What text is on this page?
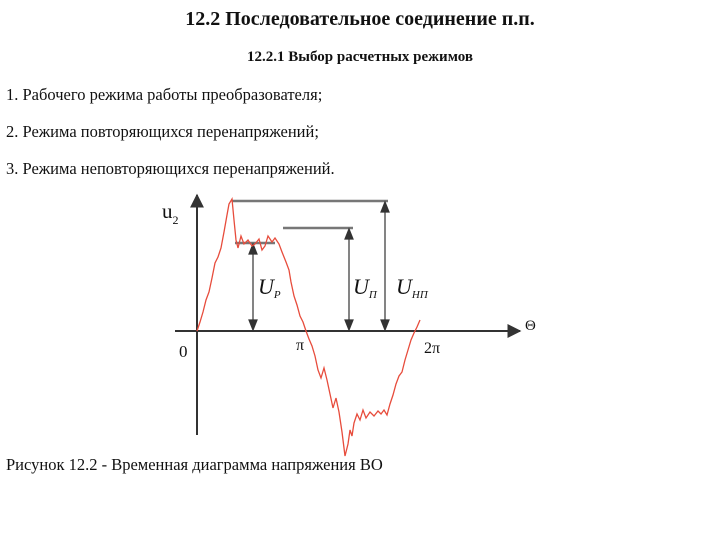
12.2 Последовательное соединение п.п.
12.2.1 Выбор расчетных режимов
1. Рабочего режима работы преобразователя;
2. Режима повторяющихся перенапряжений;
3. Режима неповторяющихся перенапряжений.
$u_2$
Θ
0	π	2π
UР	UП UНП
Рисунок 12.2 - Временная диаграмма напряжения ВО
